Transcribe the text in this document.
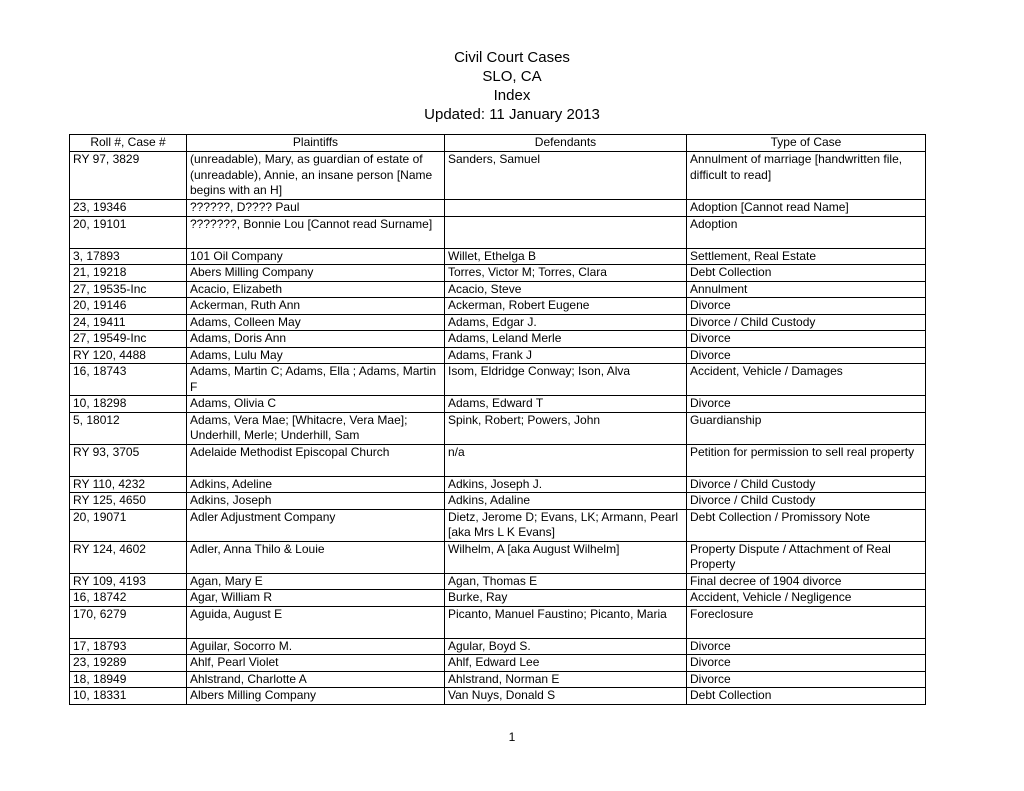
Civil Court Cases
SLO, CA
Index
Updated: 11 January 2013
Roll #, Case #	Plaintiffs	Defendants	Type of Case
RY 97, 3829	(unreadable), Mary, as guardian of estate of (unreadable), Annie, an insane person [Name begins with an H]	Sanders, Samuel	Annulment of marriage [handwritten file, difficult to read]
23, 19346	??????, D???? Paul		Adoption [Cannot read Name]
20, 19101	???????, Bonnie Lou [Cannot read Surname]		Adoption
3, 17893	101 Oil Company	Willet, Ethelga B	Settlement, Real Estate
21, 19218	Abers Milling Company	Torres, Victor M; Torres, Clara	Debt Collection
27, 19535-Inc	Acacio, Elizabeth	Acacio, Steve	Annulment
20, 19146	Ackerman, Ruth Ann	Ackerman, Robert Eugene	Divorce
24, 19411	Adams, Colleen May	Adams, Edgar J.	Divorce / Child Custody
27, 19549-Inc	Adams, Doris Ann	Adams, Leland Merle	Divorce
RY 120, 4488	Adams, Lulu May	Adams, Frank J	Divorce
16, 18743	Adams, Martin C; Adams, Ella ; Adams, Martin F	Isom, Eldridge Conway; Ison, Alva	Accident, Vehicle / Damages
10, 18298	Adams, Olivia C	Adams, Edward T	Divorce
5, 18012	Adams, Vera Mae; [Whitacre, Vera Mae]; Underhill, Merle; Underhill, Sam	Spink, Robert; Powers, John	Guardianship
RY 93, 3705	Adelaide Methodist Episcopal Church	n/a	Petition for permission to sell real property
RY 110, 4232	Adkins, Adeline	Adkins, Joseph J.	Divorce / Child Custody
RY 125, 4650	Adkins, Joseph	Adkins, Adaline	Divorce / Child Custody
20, 19071	Adler Adjustment Company	Dietz, Jerome D; Evans, LK; Armann, Pearl [aka Mrs L K Evans]	Debt Collection / Promissory Note
RY 124, 4602	Adler, Anna Thilo & Louie	Wilhelm, A [aka August Wilhelm]	Property Dispute / Attachment of Real Property
RY 109, 4193	Agan, Mary E	Agan, Thomas E	Final decree of 1904 divorce
16, 18742	Agar, William R	Burke, Ray	Accident, Vehicle / Negligence
170, 6279	Aguida, August E	Picanto, Manuel Faustino; Picanto, Maria	Foreclosure
17, 18793	Aguilar, Socorro M.	Agular, Boyd S.	Divorce
23, 19289	Ahlf, Pearl Violet	Ahlf, Edward Lee	Divorce
18, 18949	Ahlstrand, Charlotte A	Ahlstrand, Norman E	Divorce
10, 18331	Albers Milling Company	Van Nuys, Donald S	Debt Collection
1
